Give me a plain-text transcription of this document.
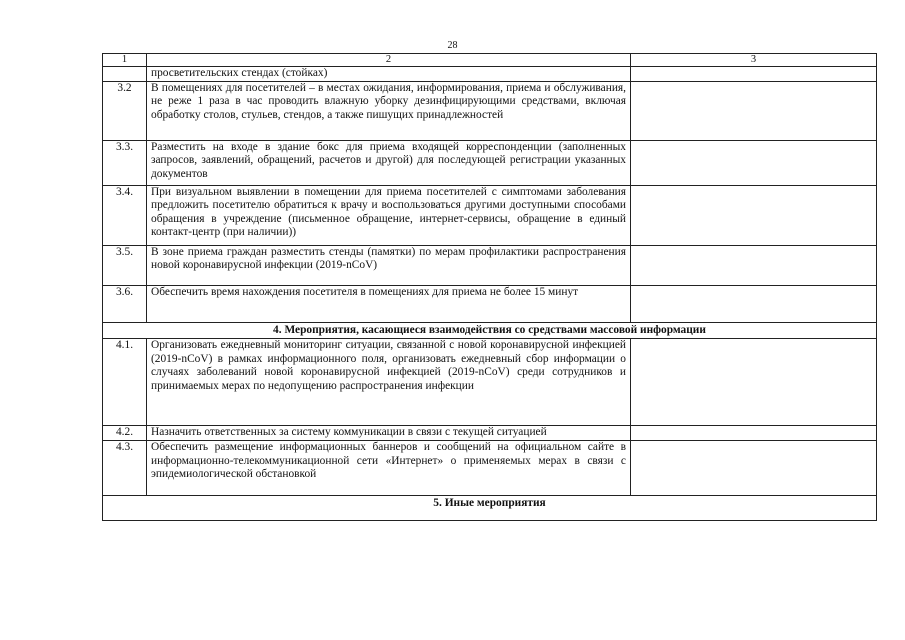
28
1	2	3
	просветительских стендах (стойках)	
3.2	В помещениях для посетителей – в местах ожидания, информирования, приема и обслуживания, не реже 1 раза в час проводить влажную уборку дезинфицирующими средствами, включая обработку столов, стульев, стендов, а также пишущих принадлежностей	
3.3.	Разместить на входе в здание бокс для приема входящей корреспонденции (заполненных запросов, заявлений, обращений, расчетов и другой) для последующей регистрации указанных документов	
3.4.	При визуальном выявлении в помещении для приема посетителей с симптомами заболевания предложить посетителю обратиться к врачу и воспользоваться другими доступными способами обращения в учреждение (письменное обращение, интернет-сервисы, обращение в единый контакт-центр (при наличии))	
3.5.	В зоне приема граждан разместить стенды (памятки) по мерам профилактики распространения новой коронавирусной инфекции (2019-nCoV)	
3.6.	Обеспечить время нахождения посетителя в помещениях для приема не более 15 минут	
4. Мероприятия, касающиеся взаимодействия со средствами массовой информации		
4.1.	Организовать ежедневный мониторинг ситуации, связанной с новой коронавирусной инфекцией (2019-nCoV) в рамках информационного поля, организовать ежедневный сбор информации о случаях заболеваний новой коронавирусной инфекцией (2019-nCoV) среди сотрудников и принимаемых мерах по недопущению распространения инфекции	
4.2.	Назначить ответственных за систему коммуникации в связи с текущей ситуацией	
4.3.	Обеспечить размещение информационных баннеров и сообщений на официальном сайте в информационно-телекоммуникационной сети «Интернет» о применяемых мерах в связи с эпидемиологической обстановкой	
5. Иные мероприятия		
